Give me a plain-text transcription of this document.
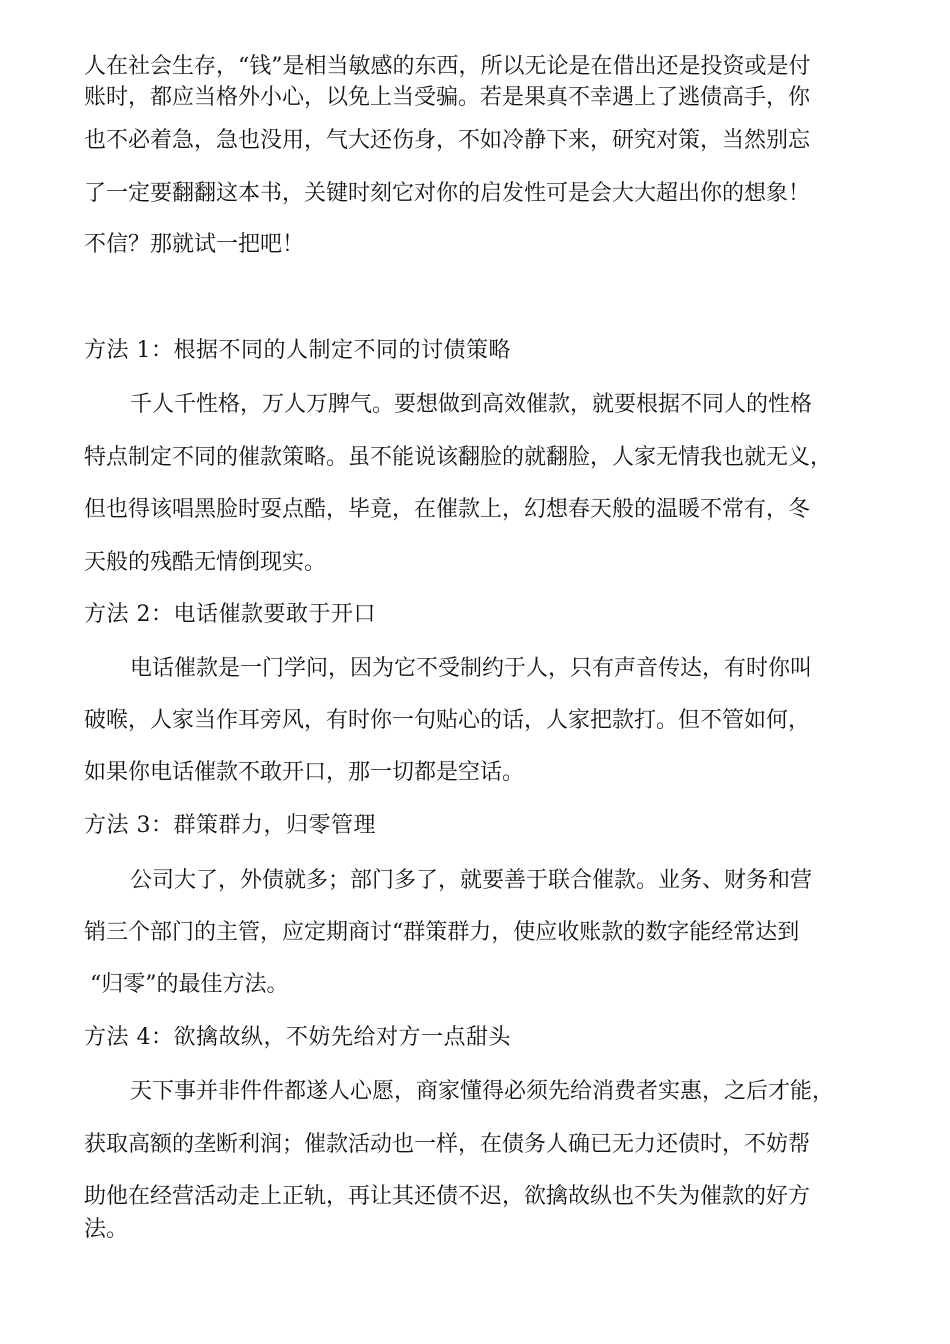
人在社会生存，“钱”是相当敏感的东西，所以无论是在借出还是投资或是付
账时，都应当格外小心，以免上当受骗。若是果真不幸遇上了逃债高手，你
也不必着急，急也没用，气大还伤身，不如冷静下来，研究对策，当然别忘
了一定要翻翻这本书，关键时刻它对你的启发性可是会大大超出你的想象！
不信？那就试一把吧！
方法 1：根据不同的人制定不同的讨债策略
千人千性格，万人万脾气。要想做到高效催款，就要根据不同人的性格
特点制定不同的催款策略。虽不能说该翻脸的就翻脸，人家无情我也就无义，
但也得该唱黑脸时耍点酷，毕竟，在催款上，幻想春天般的温暖不常有，冬
天般的残酷无情倒现实。
方法 2：电话催款要敢于开口
电话催款是一门学问，因为它不受制约于人，只有声音传达，有时你叫
破喉，人家当作耳旁风，有时你一句贴心的话，人家把款打。但不管如何，
如果你电话催款不敢开口，那一切都是空话。
方法 3：群策群力，归零管理
公司大了，外债就多；部门多了，就要善于联合催款。业务、财务和营
销三个部门的主管，应定期商讨“群策群力，使应收账款的数字能经常达到
“归零”的最佳方法。
方法 4：欲擒故纵，不妨先给对方一点甜头
天下事并非件件都遂人心愿，商家懂得必须先给消费者实惠，之后才能，
获取高额的垄断利润；催款活动也一样，在债务人确已无力还债时，不妨帮
助他在经营活动走上正轨，再让其还债不迟，欲擒故纵也不失为催款的好方
法。
